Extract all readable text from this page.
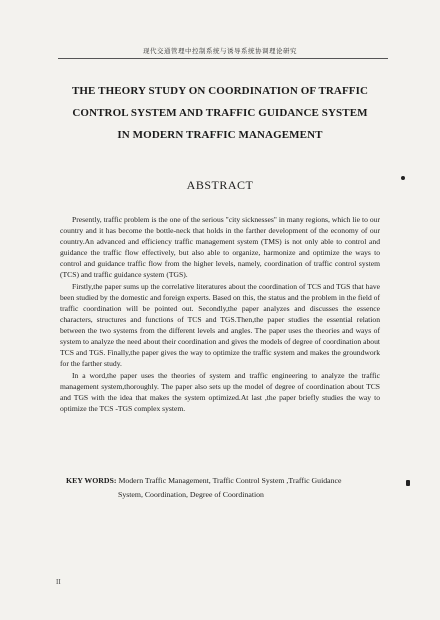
现代交通管理中控制系统与诱导系统协调理论研究
THE THEORY STUDY ON COORDINATION OF TRAFFIC
CONTROL SYSTEM AND TRAFFIC GUIDANCE SYSTEM
IN MODERN TRAFFIC MANAGEMENT
ABSTRACT

Presently, traffic problem is the one of the serious "city sicknesses" in many regions, which lie to our country and it has become the bottle-neck that holds in the farther development of the economy of our country.An advanced and efficiency traffic management system (TMS) is not only able to control and guidance the traffic flow effectively, but also able to organize, harmonize and optimize the ways to control and guidance traffic flow from the higher levels, namely, coordination of traffic control system (TCS) and traffic guidance system (TGS).

Firstly,the paper sums up the correlative literatures about the coordination of TCS and TGS that have been studied by the domestic and foreign experts. Based on this, the status and the problem in the field of traffic coordination will be pointed out. Secondly,the paper analyzes and discusses the essence characters, structures and functions of TCS and TGS.Then,the paper studies the essential relation between the two systems from the different levels and angles. The paper uses the theories and ways of system to analyze the need about their coordination and gives the models of degree of coordination about TCS and TGS. Finally,the paper gives the way to optimize the traffic system and makes the groundwork for the farther study.

In a word,the paper uses the theories of system and traffic engineering to analyze the traffic management system,thoroughly. The paper also sets up the model of degree of coordination about TCS and TGS with the idea that makes the system optimized.At last ,the paper briefly studies the way to optimize the TCS -TGS complex system.

KEY WORDS: Modern Traffic Management, Traffic Control System ,Traffic Guidance
System, Coordination, Degree of Coordination
II
